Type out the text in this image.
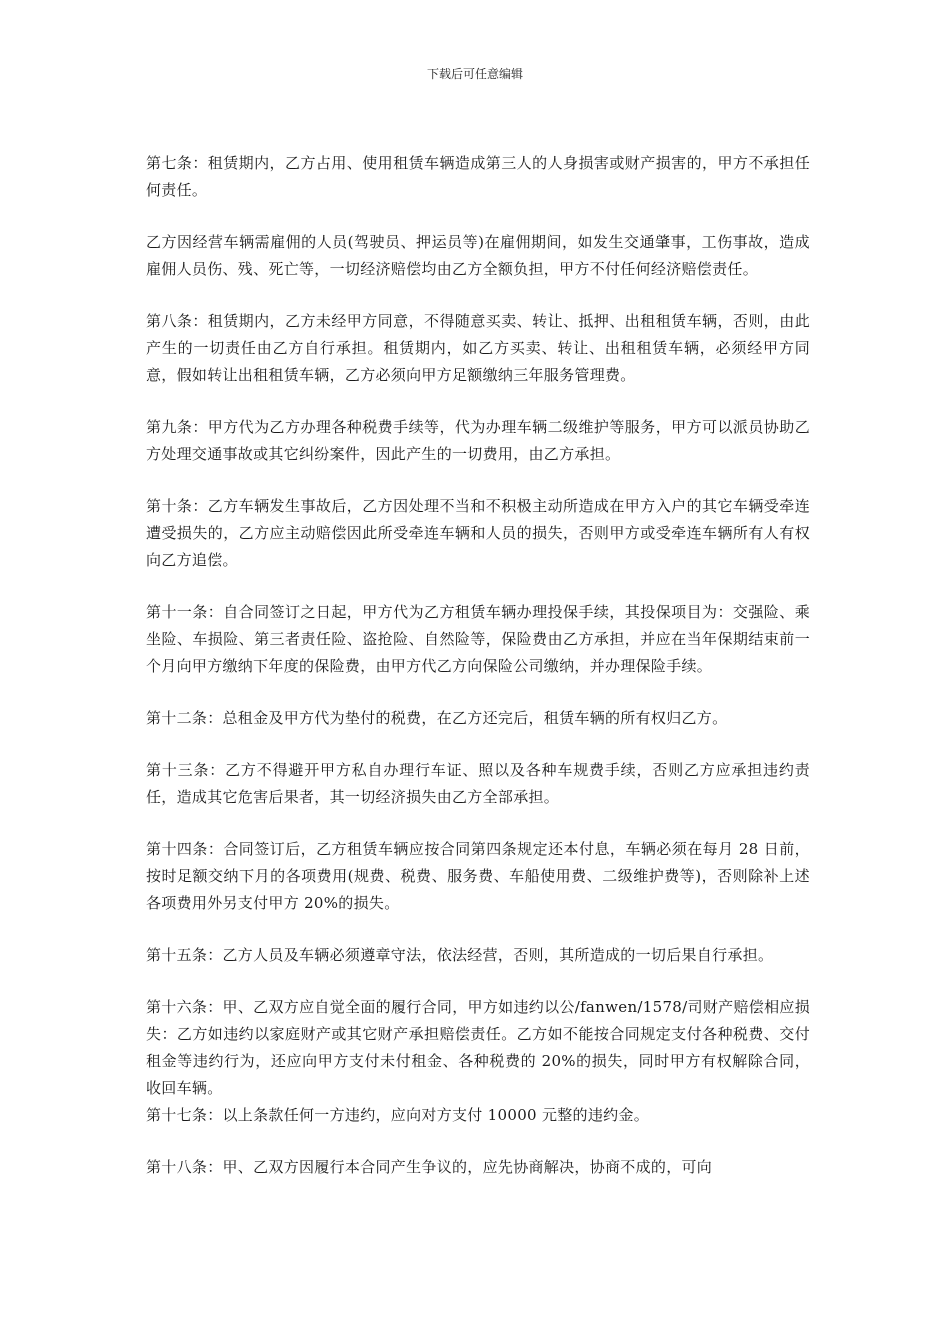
下载后可任意编辑

第七条：租赁期内，乙方占用、使用租赁车辆造成第三人的人身损害或财产损害的，甲方不承担任何责任。

乙方因经营车辆需雇佣的人员(驾驶员、押运员等)在雇佣期间，如发生交通肇事，工伤事故，造成雇佣人员伤、残、死亡等，一切经济赔偿均由乙方全额负担，甲方不付任何经济赔偿责任。

第八条：租赁期内，乙方未经甲方同意，不得随意买卖、转让、抵押、出租租赁车辆，否则，由此产生的一切责任由乙方自行承担。租赁期内，如乙方买卖、转让、出租租赁车辆，必须经甲方同意，假如转让出租租赁车辆，乙方必须向甲方足额缴纳三年服务管理费。

第九条：甲方代为乙方办理各种税费手续等，代为办理车辆二级维护等服务，甲方可以派员协助乙方处理交通事故或其它纠纷案件，因此产生的一切费用，由乙方承担。

第十条：乙方车辆发生事故后，乙方因处理不当和不积极主动所造成在甲方入户的其它车辆受牵连遭受损失的，乙方应主动赔偿因此所受牵连车辆和人员的损失，否则甲方或受牵连车辆所有人有权向乙方追偿。

第十一条：自合同签订之日起，甲方代为乙方租赁车辆办理投保手续，其投保项目为：交强险、乘坐险、车损险、第三者责任险、盗抢险、自然险等，保险费由乙方承担，并应在当年保期结束前一个月向甲方缴纳下年度的保险费，由甲方代乙方向保险公司缴纳，并办理保险手续。

第十二条：总租金及甲方代为垫付的税费，在乙方还完后，租赁车辆的所有权归乙方。

第十三条：乙方不得避开甲方私自办理行车证、照以及各种车规费手续，否则乙方应承担违约责任，造成其它危害后果者，其一切经济损失由乙方全部承担。

第十四条：合同签订后，乙方租赁车辆应按合同第四条规定还本付息，车辆必须在每月 28 日前，按时足额交纳下月的各项费用(规费、税费、服务费、车船使用费、二级维护费等)，否则除补上述各项费用外另支付甲方 20%的损失。

第十五条：乙方人员及车辆必须遵章守法，依法经营，否则，其所造成的一切后果自行承担。

第十六条：甲、乙双方应自觉全面的履行合同，甲方如违约以公/fanwen/1578/司财产赔偿相应损失：乙方如违约以家庭财产或其它财产承担赔偿责任。乙方如不能按合同规定支付各种税费、交付租金等违约行为，还应向甲方支付未付租金、各种税费的 20%的损失，同时甲方有权解除合同，收回车辆。

第十七条：以上条款任何一方违约，应向对方支付 10000 元整的违约金。

第十八条：甲、乙双方因履行本合同产生争议的，应先协商解决，协商不成的，可向
